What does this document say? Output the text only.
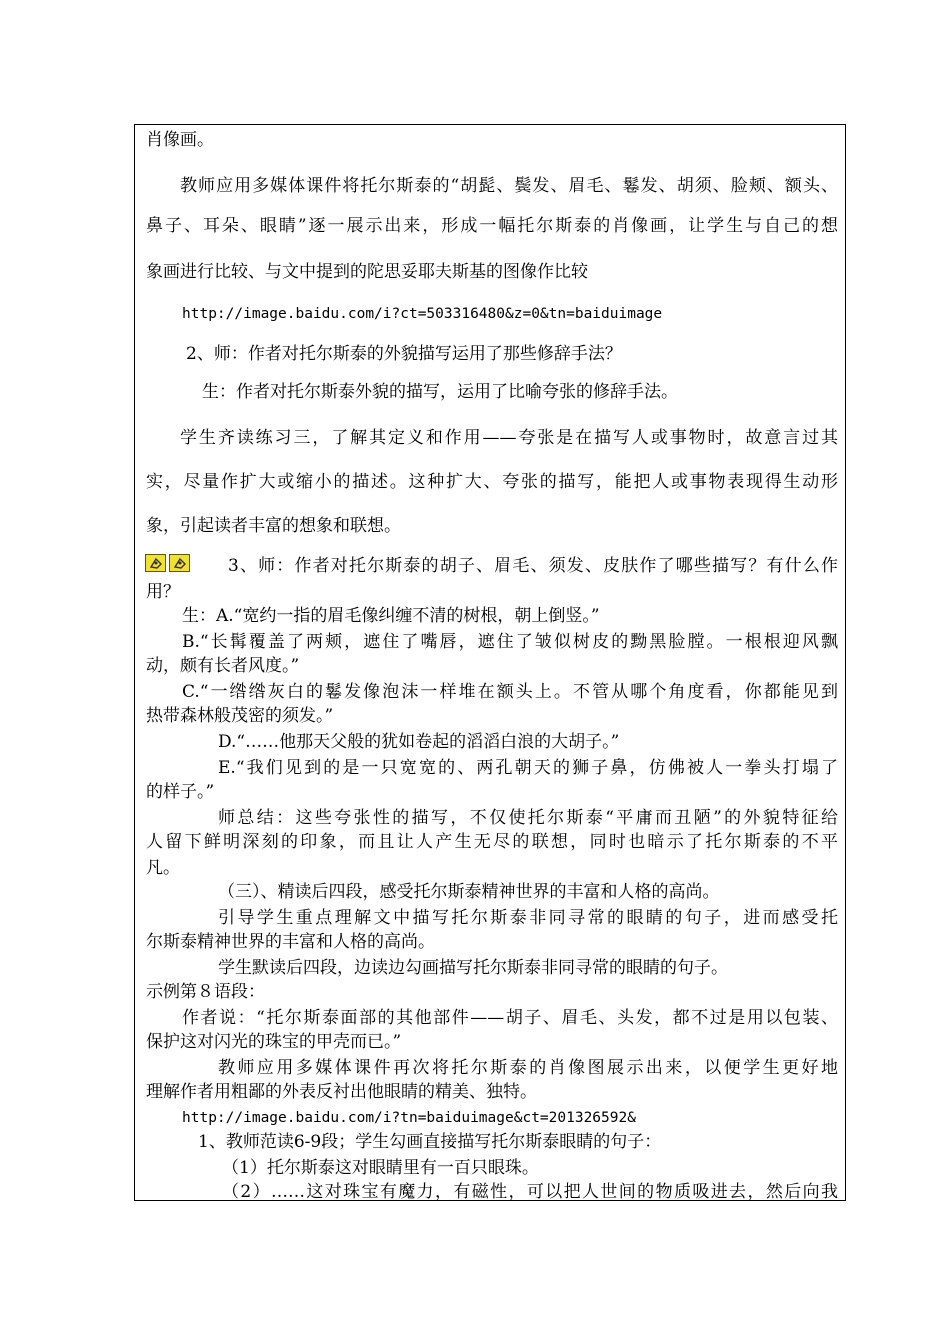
肖像画。
教师应用多媒体课件将托尔斯泰的“胡髭、鬓发、眉毛、鬈发、胡须、脸颊、额头、
鼻子、耳朵、眼睛”逐一展示出来，形成一幅托尔斯泰的肖像画，让学生与自己的想
象画进行比较、与文中提到的陀思妥耶夫斯基的图像作比较
http://image.baidu.com/i?ct=503316480&z=0&tn=baiduimage
2、师：作者对托尔斯泰的外貌描写运用了那些修辞手法？
生：作者对托尔斯泰外貌的描写，运用了比喻夸张的修辞手法。
学生齐读练习三，了解其定义和作用——夸张是在描写人或事物时，故意言过其
实，尽量作扩大或缩小的描述。这种扩大、夸张的描写，能把人或事物表现得生动形
象，引起读者丰富的想象和联想。
3、师：作者对托尔斯泰的胡子、眉毛、须发、皮肤作了哪些描写？有什么作
用？
生：A.“宽约一指的眉毛像纠缠不清的树根，朝上倒竖。”
B.“长髯覆盖了两颊，遮住了嘴唇，遮住了皱似树皮的黝黑脸膛。一根根迎风飘
动，颇有长者风度。”
C.“一绺绺灰白的鬈发像泡沫一样堆在额头上。不管从哪个角度看，你都能见到
热带森林般茂密的须发。”
D.“……他那天父般的犹如卷起的滔滔白浪的大胡子。”
E.“我们见到的是一只宽宽的、两孔朝天的狮子鼻，仿佛被人一拳头打塌了
的样子。”
师总结：这些夸张性的描写，不仅使托尔斯泰“平庸而丑陋”的外貌特征给
人留下鲜明深刻的印象，而且让人产生无尽的联想，同时也暗示了托尔斯泰的不平
凡。
（三）、精读后四段，感受托尔斯泰精神世界的丰富和人格的高尚。
引导学生重点理解文中描写托尔斯泰非同寻常的眼睛的句子，进而感受托
尔斯泰精神世界的丰富和人格的高尚。
学生默读后四段，边读边勾画描写托尔斯泰非同寻常的眼睛的句子。
示例第８语段：
作者说：“托尔斯泰面部的其他部件——胡子、眉毛、头发，都不过是用以包装、
保护这对闪光的珠宝的甲壳而已。”
教师应用多媒体课件再次将托尔斯泰的肖像图展示出来，以便学生更好地
理解作者用粗鄙的外表反衬出他眼睛的精美、独特。
http://image.baidu.com/i?tn=baiduimage&ct=201326592&
1、教师范读6-9段；学生勾画直接描写托尔斯泰眼睛的句子：
（1）托尔斯泰这对眼睛里有一百只眼珠。
（2）……这对珠宝有魔力，有磁性，可以把人世间的物质吸进去，然后向我
